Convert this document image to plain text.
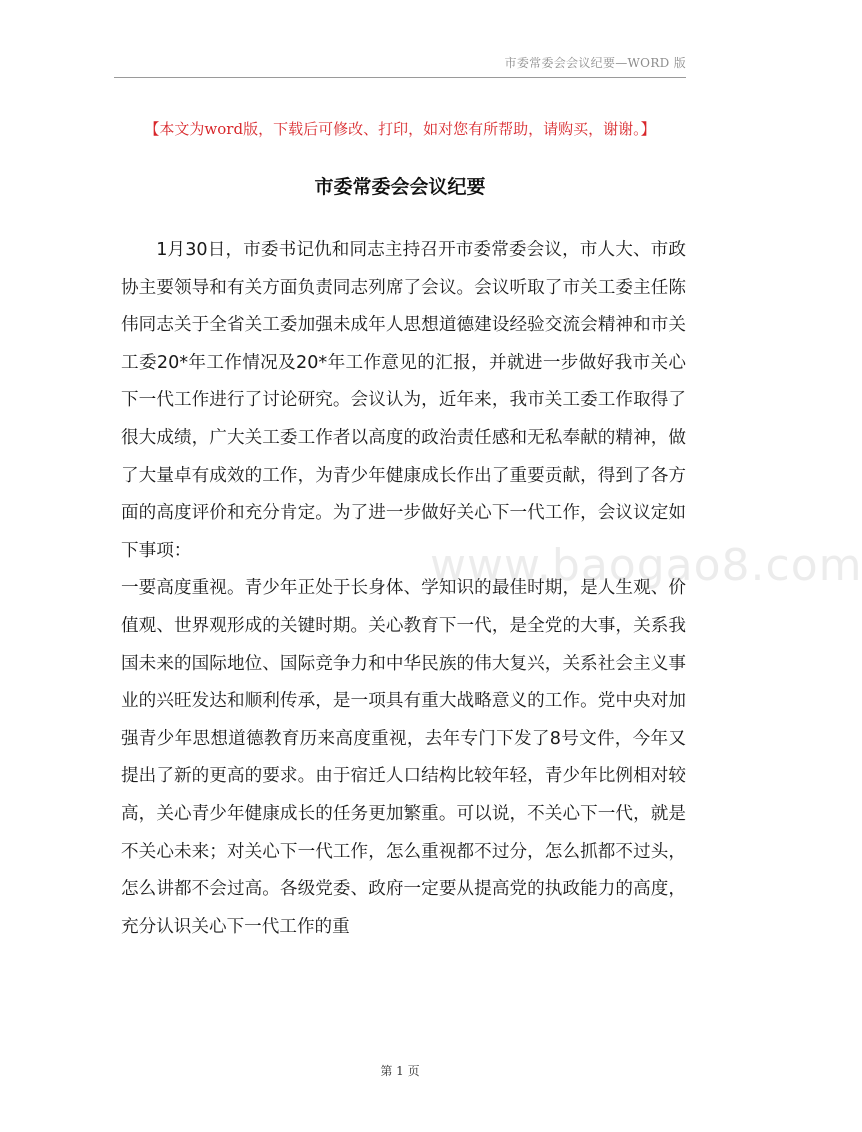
市委常委会会议纪要—WORD 版
【本文为word版，下载后可修改、打印，如对您有所帮助，请购买，谢谢。】
市委常委会会议纪要

1月30日，市委书记仇和同志主持召开市委常委会议，市人大、市政协主要领导和有关方面负责同志列席了会议。会议听取了市关工委主任陈伟同志关于全省关工委加强未成年人思想道德建设经验交流会精神和市关工委20*年工作情况及20*年工作意见的汇报，并就进一步做好我市关心下一代工作进行了讨论研究。会议认为，近年来，我市关工委工作取得了很大成绩，广大关工委工作者以高度的政治责任感和无私奉献的精神，做了大量卓有成效的工作，为青少年健康成长作出了重要贡献，得到了各方面的高度评价和充分肯定。为了进一步做好关心下一代工作，会议议定如下事项：

一要高度重视。青少年正处于长身体、学知识的最佳时期，是人生观、价值观、世界观形成的关键时期。关心教育下一代，是全党的大事，关系我国未来的国际地位、国际竞争力和中华民族的伟大复兴，关系社会主义事业的兴旺发达和顺利传承，是一项具有重大战略意义的工作。党中央对加强青少年思想道德教育历来高度重视，去年专门下发了8号文件，今年又提出了新的更高的要求。由于宿迁人口结构比较年轻，青少年比例相对较高，关心青少年健康成长的任务更加繁重。可以说，不关心下一代，就是不关心未来；对关心下一代工作，怎么重视都不过分，怎么抓都不过头，怎么讲都不会过高。各级党委、政府一定要从提高党的执政能力的高度，充分认识关心下一代工作的重

www.baogao8.com
第 1 页
